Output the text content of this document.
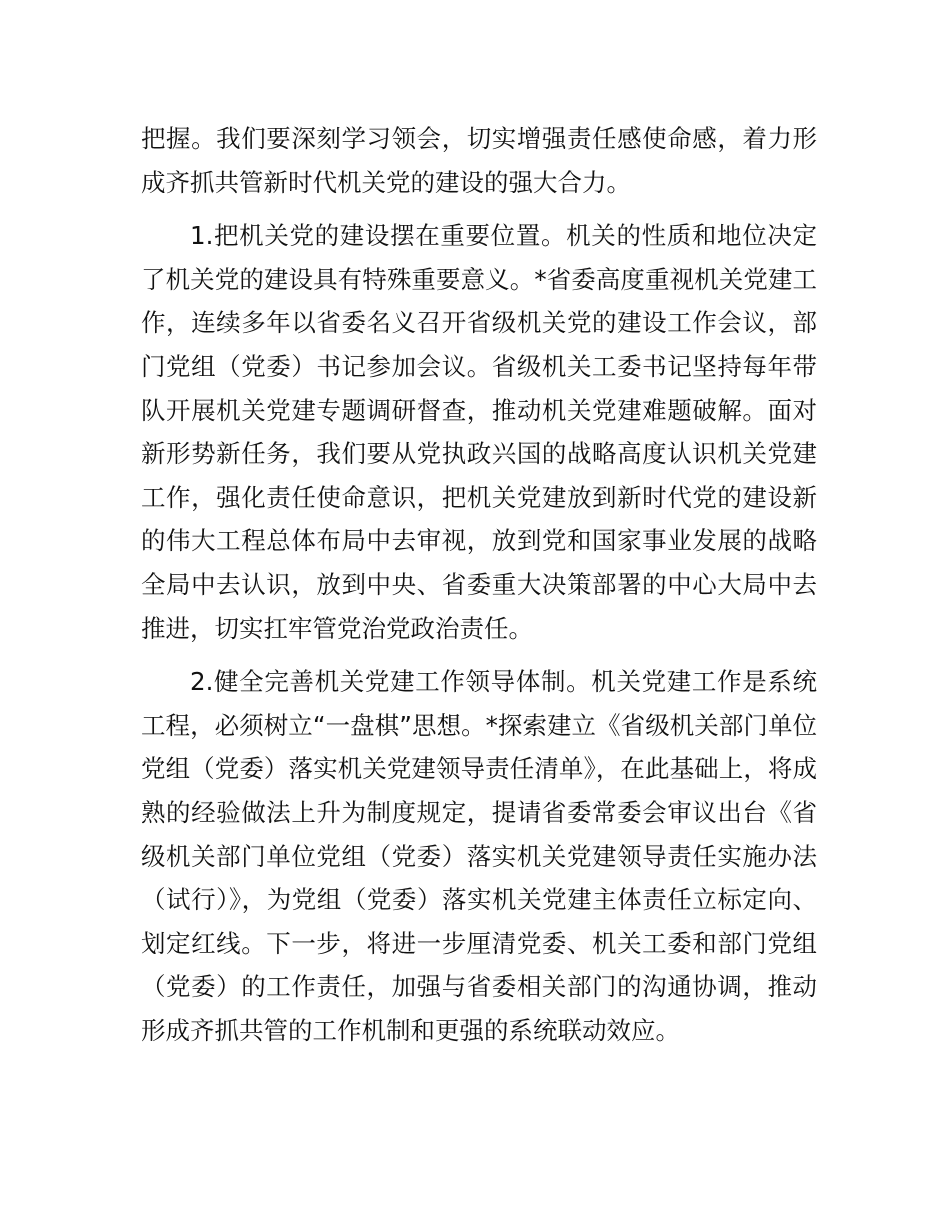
把握。我们要深刻学习领会，切实增强责任感使命感，着力形成齐抓共管新时代机关党的建设的强大合力。

1.把机关党的建设摆在重要位置。机关的性质和地位决定了机关党的建设具有特殊重要意义。*省委高度重视机关党建工作，连续多年以省委名义召开省级机关党的建设工作会议，部门党组（党委）书记参加会议。省级机关工委书记坚持每年带队开展机关党建专题调研督查，推动机关党建难题破解。面对新形势新任务，我们要从党执政兴国的战略高度认识机关党建工作，强化责任使命意识，把机关党建放到新时代党的建设新的伟大工程总体布局中去审视，放到党和国家事业发展的战略全局中去认识，放到中央、省委重大决策部署的中心大局中去推进，切实扛牢管党治党政治责任。

2.健全完善机关党建工作领导体制。机关党建工作是系统工程，必须树立“一盘棋”思想。*探索建立《省级机关部门单位党组（党委）落实机关党建领导责任清单》，在此基础上，将成熟的经验做法上升为制度规定，提请省委常委会审议出台《省级机关部门单位党组（党委）落实机关党建领导责任实施办法（试行）》，为党组（党委）落实机关党建主体责任立标定向、划定红线。下一步，将进一步厘清党委、机关工委和部门党组（党委）的工作责任，加强与省委相关部门的沟通协调，推动形成齐抓共管的工作机制和更强的系统联动效应。
